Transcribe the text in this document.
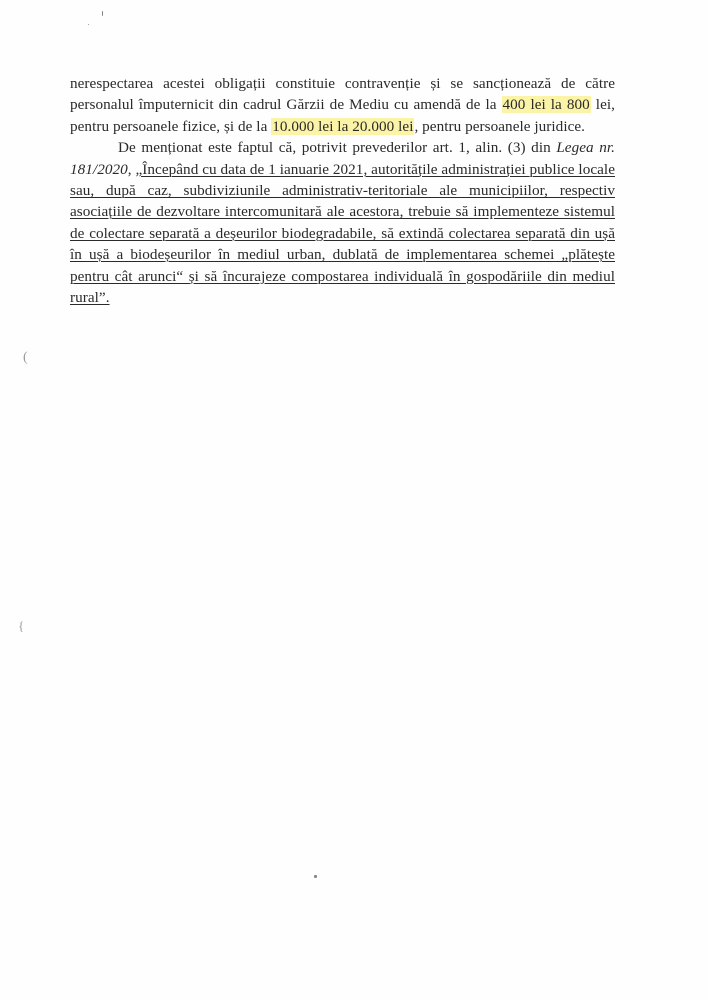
(
{

nerespectarea acestei obligații constituie contravenție și se sancționează de către personalul împuternicit din cadrul Gărzii de Mediu cu amendă de la 400 lei la 800 lei, pentru persoanele fizice, și de la 10.000 lei la 20.000 lei, pentru persoanele juridice.

De menționat este faptul că, potrivit prevederilor art. 1, alin. (3) din Legea nr. 181/2020, „Începând cu data de 1 ianuarie 2021, autoritățile administrației publice locale sau, după caz, subdiviziunile administrativ-teritoriale ale municipiilor, respectiv asociațiile de dezvoltare intercomunitară ale acestora, trebuie să implementeze sistemul de colectare separată a deșeurilor biodegradabile, să extindă colectarea separată din ușă în ușă a biodeșeurilor în mediul urban, dublată de implementarea schemei „plătește pentru cât arunci“ și să încurajeze compostarea individuală în gospodăriile din mediul rural”.
